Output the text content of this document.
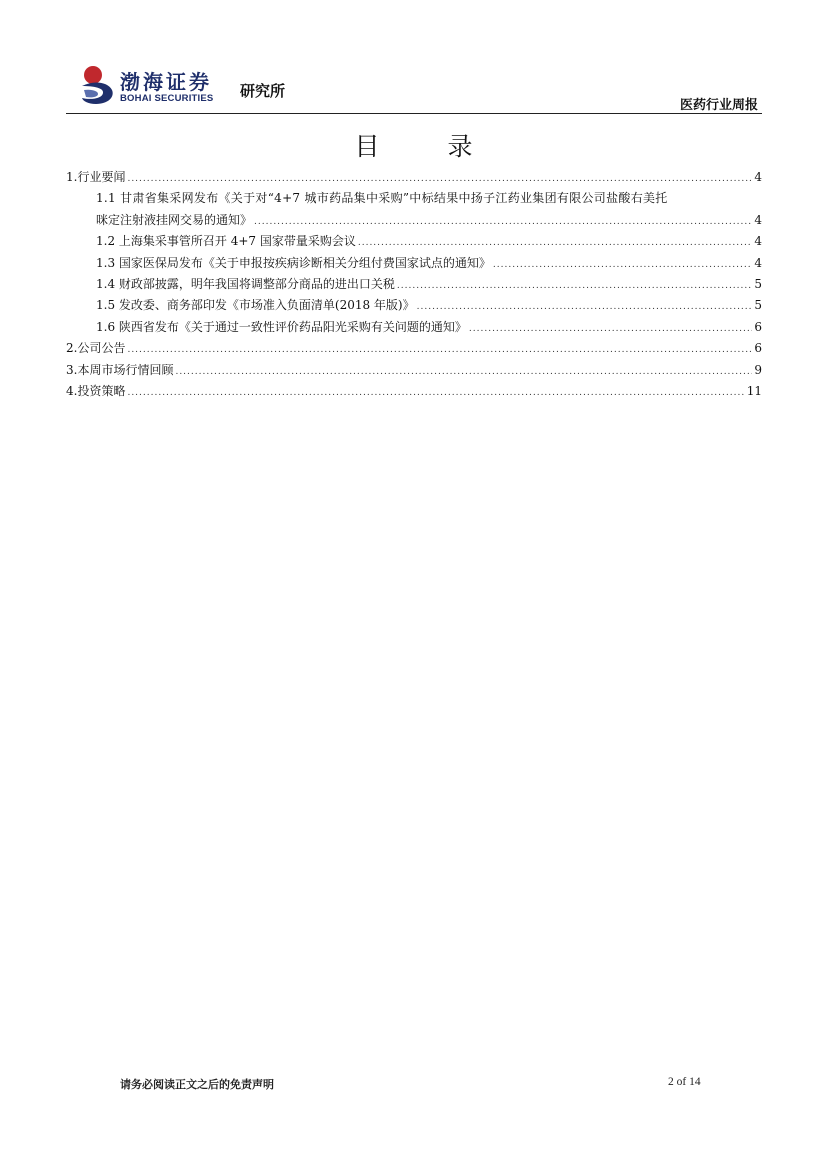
渤海证券
BOHAI SECURITIES 研究所
医药行业周报
目 录
1.行业要闻 .....	4
1.1 甘肃省集采网发布《关于对“4+7 城市药品集中采购”中标结果中扬子江药业集团有限公司盐酸右美托
咪定注射液挂网交易的通知》 .....	4
1.2 上海集采事管所召开 4+7 国家带量采购会议 .....	4
1.3 国家医保局发布《关于申报按疾病诊断相关分组付费国家试点的通知》 .....	4
1.4 财政部披露，明年我国将调整部分商品的进出口关税 .....	5
1.5 发改委、商务部印发《市场准入负面清单(2018 年版)》 .....	5
1.6 陕西省发布《关于通过一致性评价药品阳光采购有关问题的通知》 .....	6
2.公司公告 .....	6
3.本周市场行情回顾 .....	9
4.投资策略 .....	11
请务必阅读正文之后的免责声明	2 of 14
